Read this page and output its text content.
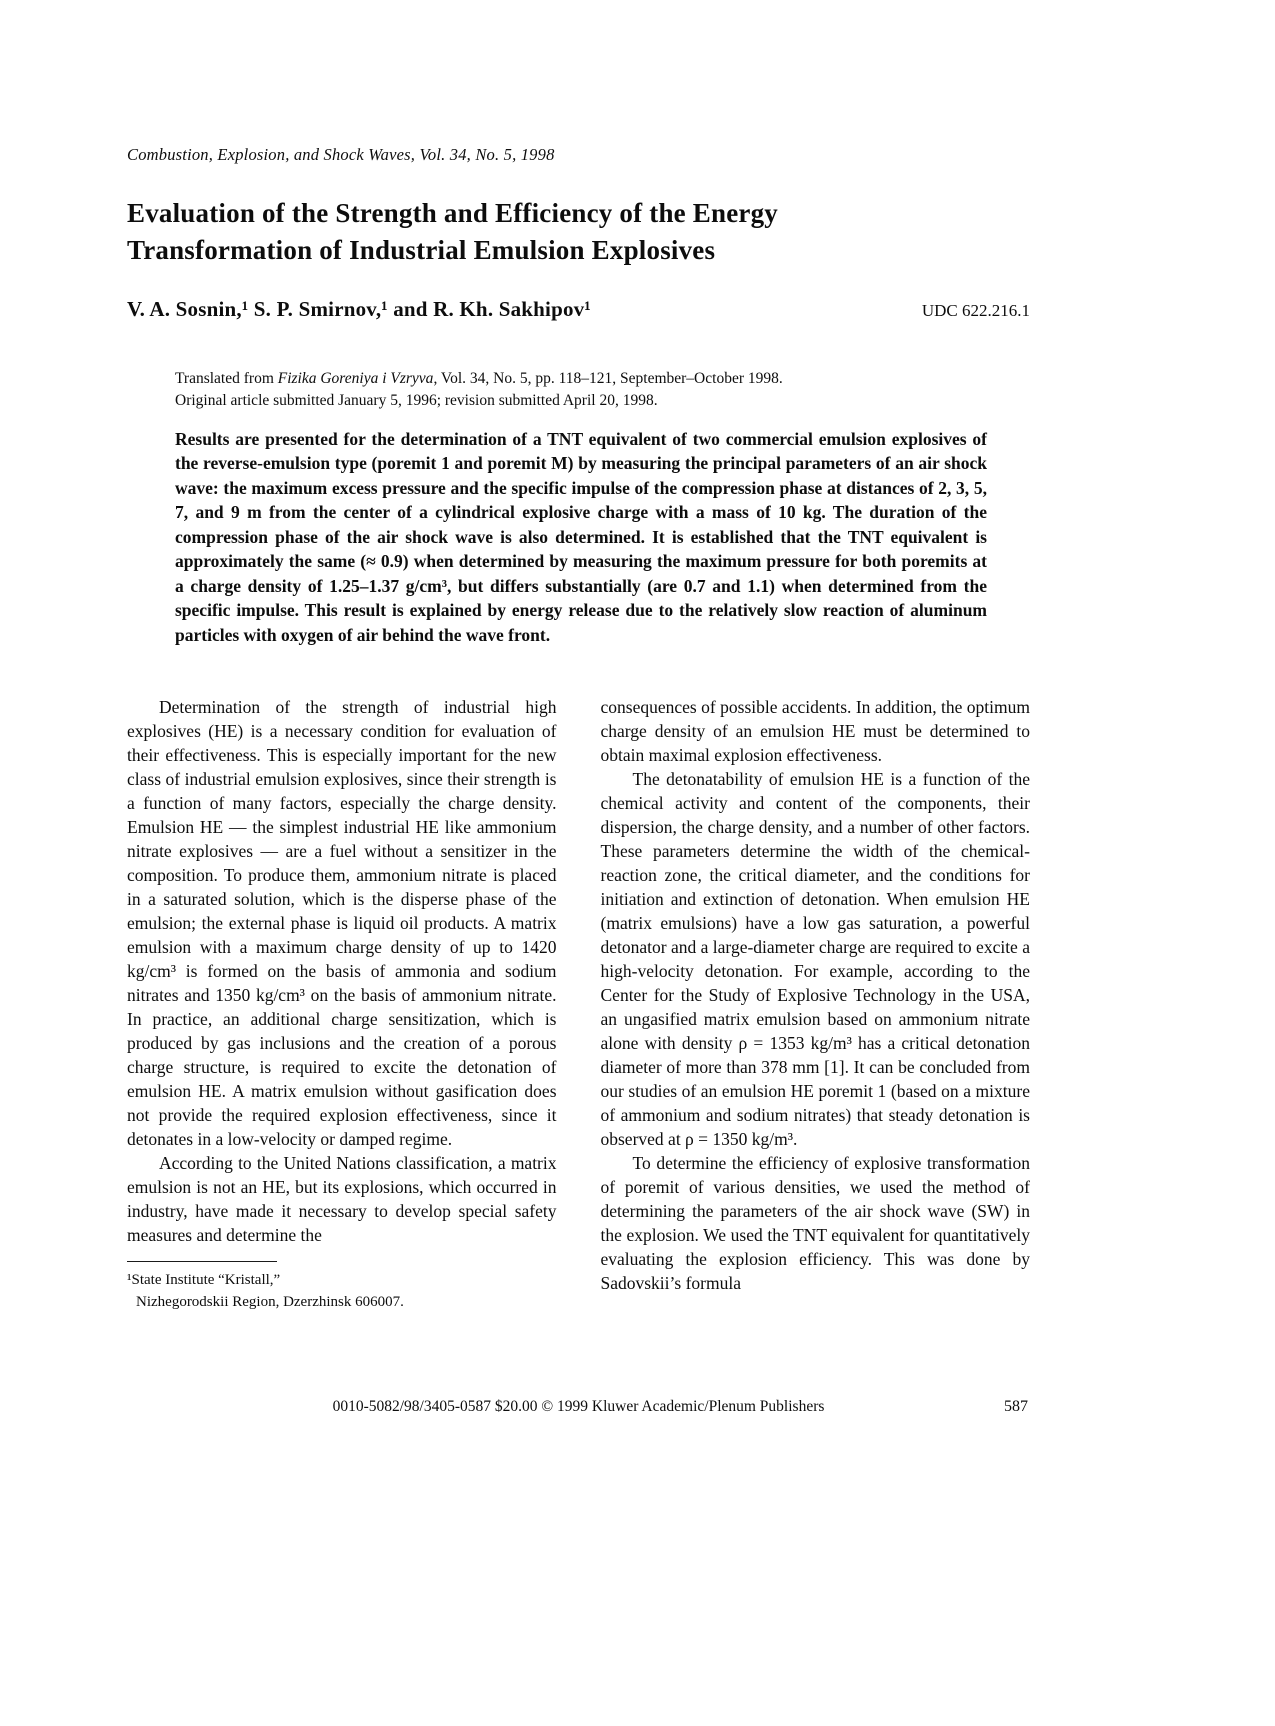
Combustion, Explosion, and Shock Waves, Vol. 34, No. 5, 1998
Evaluation of the Strength and Efficiency of the Energy Transformation of Industrial Emulsion Explosives
V. A. Sosnin,¹ S. P. Smirnov,¹ and R. Kh. Sakhipov¹	UDC 622.216.1
Translated from Fizika Goreniya i Vzryva, Vol. 34, No. 5, pp. 118–121, September–October 1998.
Original article submitted January 5, 1996; revision submitted April 20, 1998.
Results are presented for the determination of a TNT equivalent of two commercial emulsion explosives of the reverse-emulsion type (poremit 1 and poremit M) by measuring the principal parameters of an air shock wave: the maximum excess pressure and the specific impulse of the compression phase at distances of 2, 3, 5, 7, and 9 m from the center of a cylindrical explosive charge with a mass of 10 kg. The duration of the compression phase of the air shock wave is also determined. It is established that the TNT equivalent is approximately the same (≈ 0.9) when determined by measuring the maximum pressure for both poremits at a charge density of 1.25–1.37 g/cm³, but differs substantially (are 0.7 and 1.1) when determined from the specific impulse. This result is explained by energy release due to the relatively slow reaction of aluminum particles with oxygen of air behind the wave front.

Determination of the strength of industrial high explosives (HE) is a necessary condition for evaluation of their effectiveness. This is especially important for the new class of industrial emulsion explosives, since their strength is a function of many factors, especially the charge density. Emulsion HE — the simplest industrial HE like ammonium nitrate explosives — are a fuel without a sensitizer in the composition. To produce them, ammonium nitrate is placed in a saturated solution, which is the disperse phase of the emulsion; the external phase is liquid oil products. A matrix emulsion with a maximum charge density of up to 1420 kg/cm³ is formed on the basis of ammonia and sodium nitrates and 1350 kg/cm³ on the basis of ammonium nitrate. In practice, an additional charge sensitization, which is produced by gas inclusions and the creation of a porous charge structure, is required to excite the detonation of emulsion HE. A matrix emulsion without gasification does not provide the required explosion effectiveness, since it detonates in a low-velocity or damped regime.

According to the United Nations classification, a matrix emulsion is not an HE, but its explosions, which occurred in industry, have made it necessary to develop special safety measures and determine the

¹State Institute “Kristall,”
Nizhegorodskii Region, Dzerzhinsk 606007.

consequences of possible accidents. In addition, the optimum charge density of an emulsion HE must be determined to obtain maximal explosion effectiveness.

The detonatability of emulsion HE is a function of the chemical activity and content of the components, their dispersion, the charge density, and a number of other factors. These parameters determine the width of the chemical-reaction zone, the critical diameter, and the conditions for initiation and extinction of detonation. When emulsion HE (matrix emulsions) have a low gas saturation, a powerful detonator and a large-diameter charge are required to excite a high-velocity detonation. For example, according to the Center for the Study of Explosive Technology in the USA, an ungasified matrix emulsion based on ammonium nitrate alone with density ρ = 1353 kg/m³ has a critical detonation diameter of more than 378 mm [1]. It can be concluded from our studies of an emulsion HE poremit 1 (based on a mixture of ammonium and sodium nitrates) that steady detonation is observed at ρ = 1350 kg/m³.

To determine the efficiency of explosive transformation of poremit of various densities, we used the method of determining the parameters of the air shock wave (SW) in the explosion. We used the TNT equivalent for quantitatively evaluating the explosion efficiency. This was done by Sadovskii’s formula

0010-5082/98/3405-0587 $20.00 © 1999 Kluwer Academic/Plenum Publishers	587
